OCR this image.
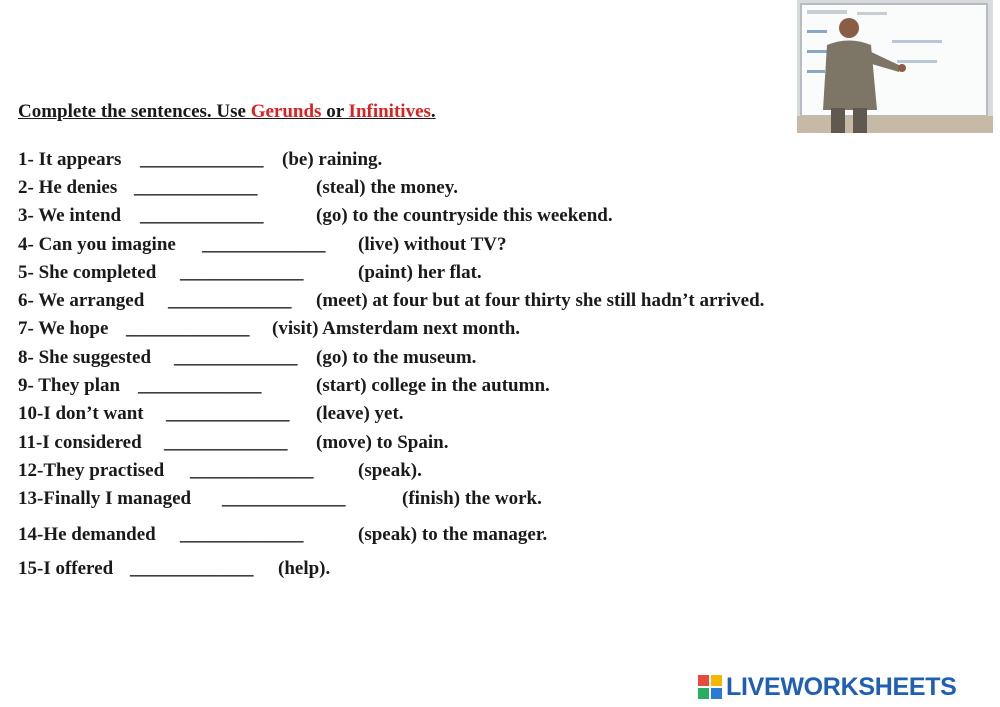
Complete the sentences. Use Gerunds or Infinitives.
1- It appears _____________ (be) raining.
2- He denies _____________	(steal) the money.
3- We intend _____________	(go) to the countryside this weekend.
4- Can you imagine _____________ (live) without TV?
5- She completed _____________	(paint) her flat.
6- We arranged _____________ (meet) at four but at four thirty she still hadn’t arrived.
7- We hope _____________ (visit) Amsterdam next month.
8- She suggested _____________ (go) to the museum.
9- They plan _____________	(start) college in the autumn.
10-I don’t want _____________ (leave) yet.
11-I considered _____________ (move) to Spain.
12-They practised _____________ (speak).
13-Finally I managed _____________	(finish) the work.
14-He demanded _____________	(speak) to the manager.
15-I offered _____________ (help).
LIVEWORKSHEETS
